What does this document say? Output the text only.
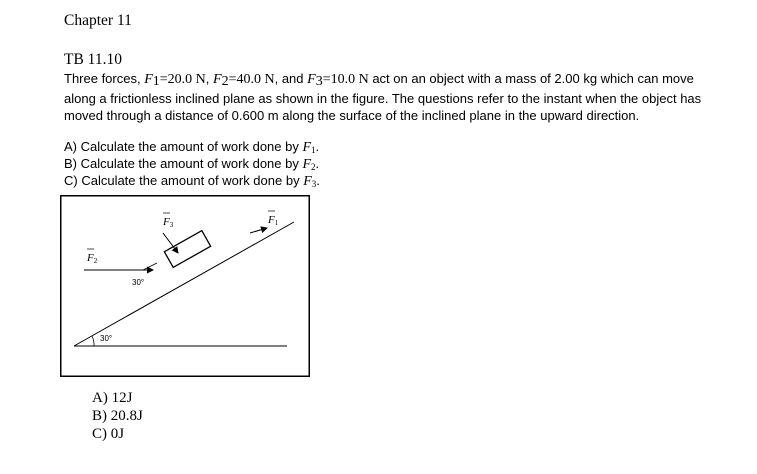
Chapter 11
TB 11.10
Three forces, $F_1=20.0$ N, $F_2=40.0$ N, and $F_3=10.0$ N act on an object with a mass of 2.00 kg which can move along a frictionless inclined plane as shown in the figure. The questions refer to the instant when the object has moved through a distance of 0.600 m along the surface of the inclined plane in the upward direction.
A) Calculate the amount of work done by $F_1$.
B) Calculate the amount of work done by $F_2$.
C) Calculate the amount of work done by $F_3$.
F2
F3	F1
30°
30°
A) 12J
B) 20.8J
C) 0J
